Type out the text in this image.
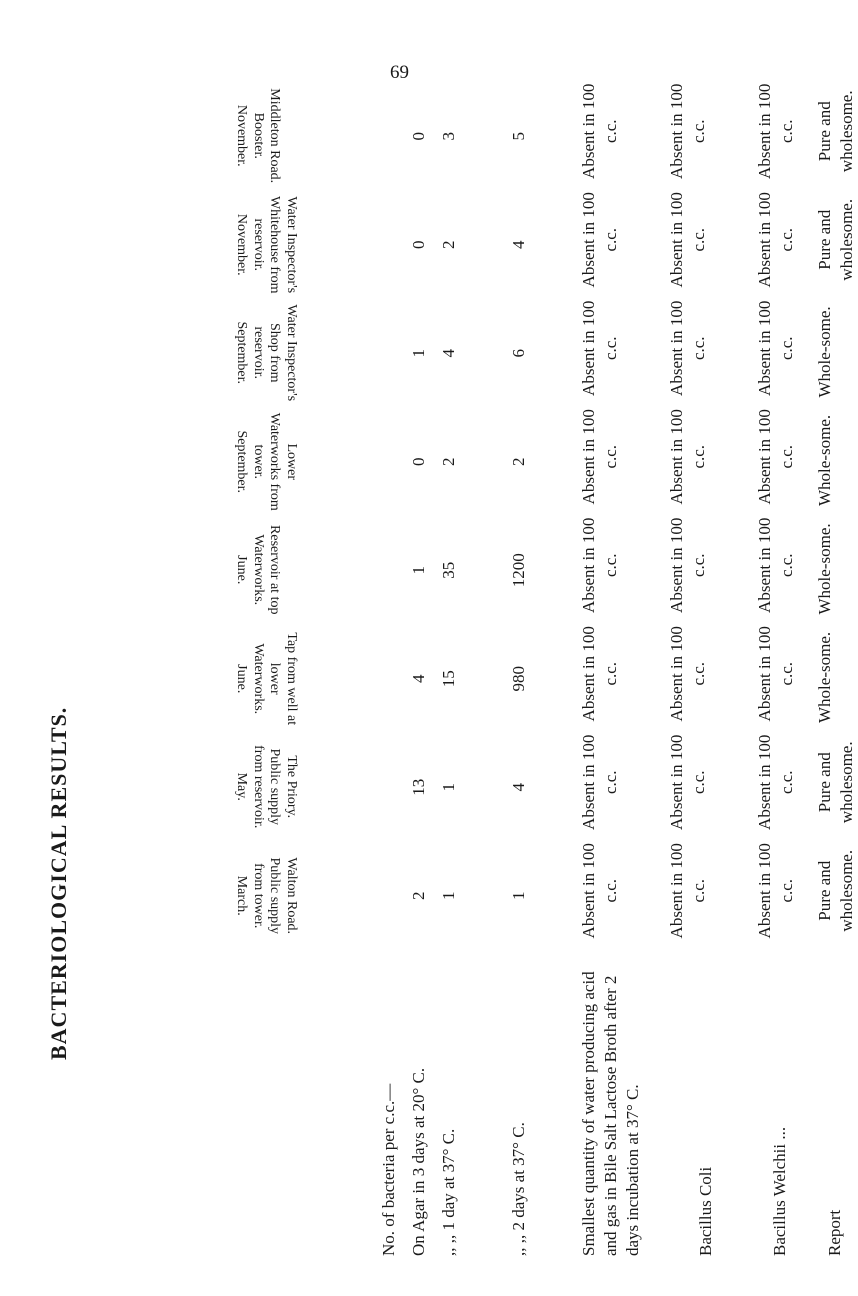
69
BACTERIOLOGICAL RESULTS.	Walton Road. Public supply from tower. March.
The Priory. Public supply from reservoir. May.
Tap from well at lower Waterworks. June.
Reservoir at top Waterworks. June.
Lower Waterworks from tower. September.
Water Inspector's Shop from reservoir. September.
Water Inspector's Whitehouse from reservoir. November.
Middleton Road. Booster. November.
No. of bacteria per c.c.— On Agar in 3 days at 20° C.
2
13
4
1
0
1
0
0
,, ,, 1 day at 37° C.
1
1
15
35
2
4
2
3
,, ,, 2 days at 37° C.
1
4
980
1200
2
6
4
5
Smallest quantity of water producing acid and gas in Bile Salt Lactose Broth after 2 days incubation at 37° C.
Absent in 100 c.c.
Absent in 100 c.c.
Absent in 100 c.c.
Absent in 100 c.c.
Absent in 100 c.c.
Absent in 100 c.c.
Absent in 100 c.c.
Absent in 100 c.c.
Bacillus Coli
Absent in 100 c.c.
Absent in 100 c.c.
Absent in 100 c.c.
Absent in 100 c.c.
Absent in 100 c.c.
Absent in 100 c.c.
Absent in 100 c.c.
Absent in 100 c.c.
Bacillus Welchii ...
Absent in 100 c.c.
Absent in 100 c.c.
Absent in 100 c.c.
Absent in 100 c.c.
Absent in 100 c.c.
Absent in 100 c.c.
Absent in 100 c.c.
Absent in 100 c.c.
Report
Pure and wholesome.
Pure and wholesome.
Whole-some.
Whole-some.
Whole-some.
Whole-some.
Pure and wholesome.
Pure and wholesome.
